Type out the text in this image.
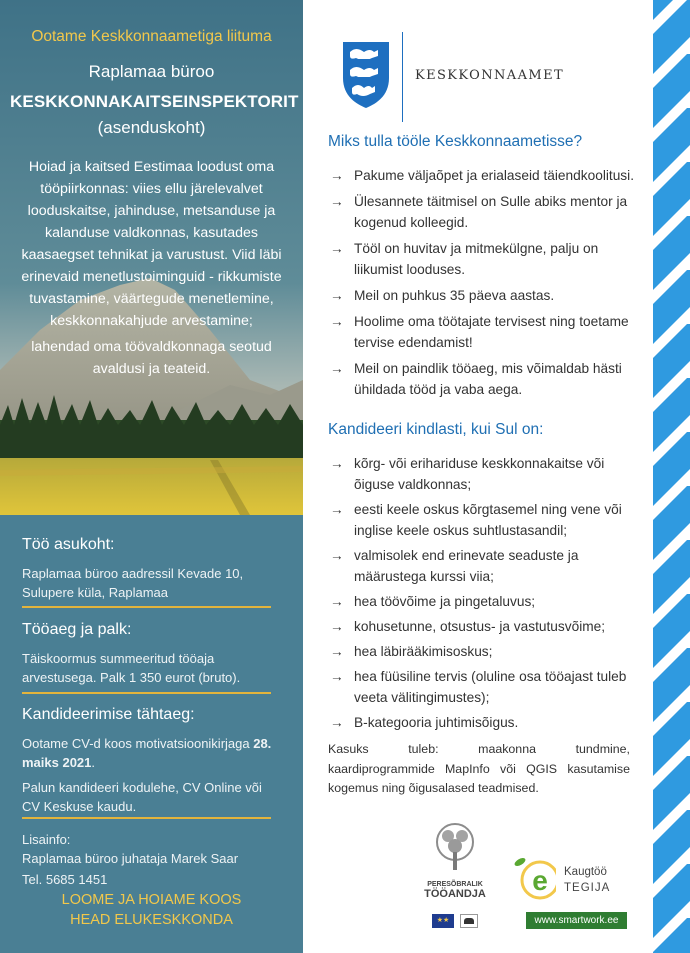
Ootame Keskkonnaametiga liituma
Raplamaa büroo
KESKKONNAKAITSEINSPEKTORIT
(asenduskoht)
Hoiad ja kaitsed Eestimaa loodust oma tööpiirkonnas: viies ellu järelevalvet looduskaitse, jahinduse, metsanduse ja kalanduse valdkonnas, kasutades kaasaegset tehnikat ja varustust. Viid läbi erinevaid menetlustoiminguid - rikkumiste tuvastamine, väärtegude menetlemine, keskkonnakahjude arvestamine;
lahendad oma töövaldkonnaga seotud avaldusi ja teateid.
Töö asukoht:

Raplamaa büroo aadressil Kevade 10, Sulupere küla, Raplamaa

Tööaeg ja palk:

Täiskoormus summeeritud tööaja arvestusega. Palk 1 350 eurot (bruto).

Kandideerimise tähtaeg:

Ootame CV-d koos motivatsioonikirjaga 28. maiks 2021.

Palun kandideeri kodulehe, CV Online või CV Keskuse kaudu.

Lisainfo:

Raplamaa büroo juhataja Marek Saar

Tel. 5685 1451

LOOME JA HOIAME KOOS
HEAD ELUKESKKONDA
KESKKONNAAMET
Miks tulla tööle Keskkonnaametisse?
→ Pakume väljaõpet ja erialaseid täiendkoolitusi.
→ Ülesannete täitmisel on Sulle abiks mentor ja kogenud kolleegid.
→ Tööl on huvitav ja mitmekülgne, palju on liikumist looduses.
→ Meil on puhkus 35 päeva aastas.
→ Hoolime oma töötajate tervisest ning toetame tervise edendamist!
→ Meil on paindlik tööaeg, mis võimaldab hästi ühildada tööd ja vaba aega.
Kandideeri kindlasti, kui Sul on:
→ kõrg- või erihariduse keskkonnakaitse või õiguse valdkonnas;
→ eesti keele oskus kõrgtasemel ning vene või inglise keele oskus suhtlustasandil;
→ valmisolek end erinevate seaduste ja määrustega kurssi viia;
→ hea töövõime ja pingetaluvus;
→ kohusetunne, otsustus- ja vastutusvõime;
→ hea läbirääkimisoskus;
→ hea füüsiline tervis (oluline osa tööajast tuleb veeta välitingimustes);
→ B-kategooria juhtimisõigus.
Kasuks tuleb: maakonna tundmine, kaardiprogrammide MapInfo või QGIS kasutamise kogemus ning õigusalased teadmised.
PERESÕBRALIK
TÖÖANDJA
★★
e Kaugtöö
TEGIJA
www.smartwork.ee
